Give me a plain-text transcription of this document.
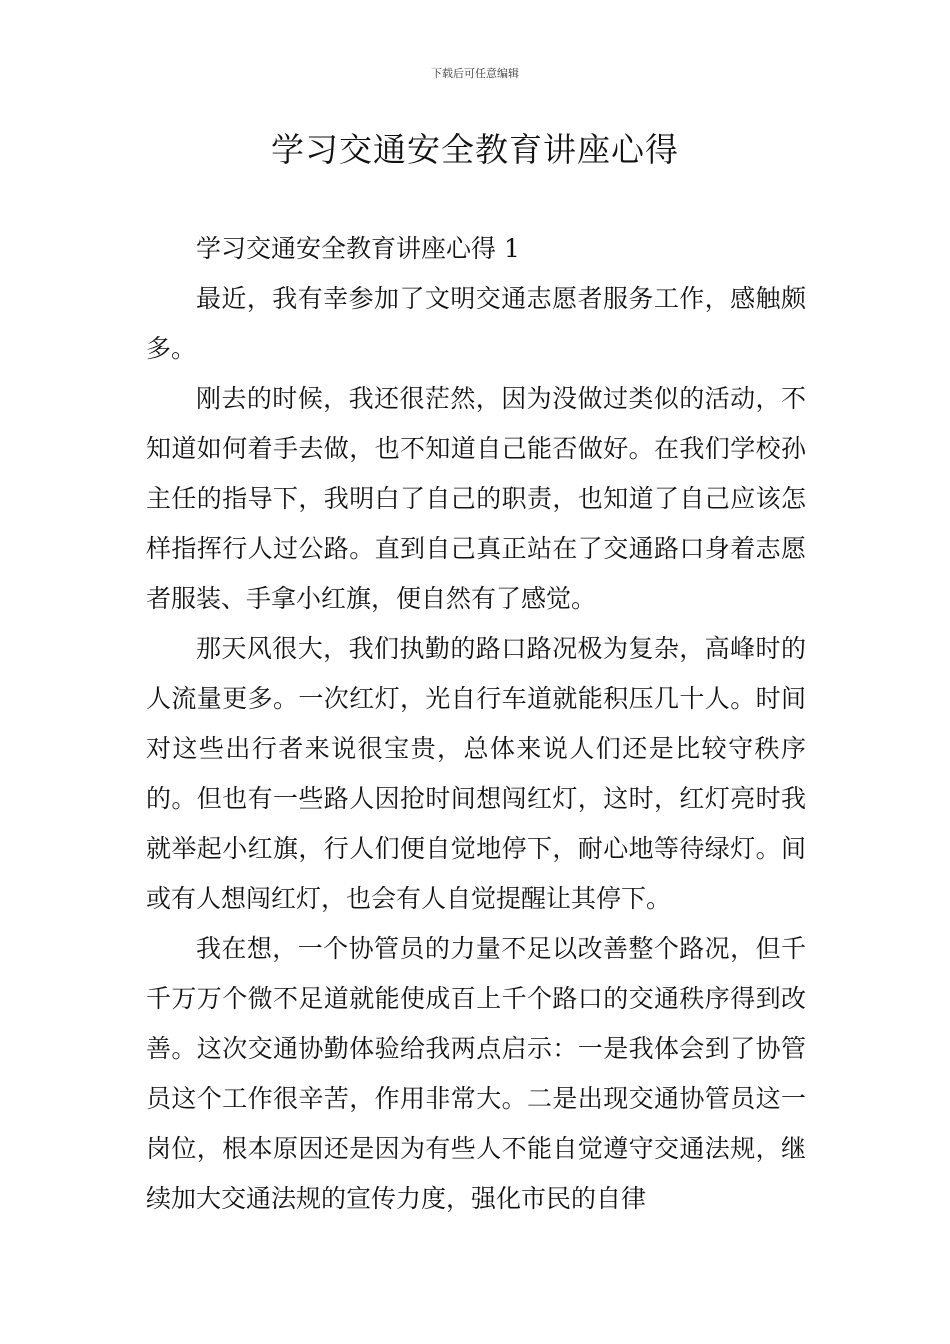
下载后可任意编辑
学习交通安全教育讲座心得

学习交通安全教育讲座心得 1

最近，我有幸参加了文明交通志愿者服务工作，感触颇多。

刚去的时候，我还很茫然，因为没做过类似的活动，不知道如何着手去做，也不知道自己能否做好。在我们学校孙主任的指导下，我明白了自己的职责，也知道了自己应该怎样指挥行人过公路。直到自己真正站在了交通路口身着志愿者服装、手拿小红旗，便自然有了感觉。

那天风很大，我们执勤的路口路况极为复杂，高峰时的人流量更多。一次红灯，光自行车道就能积压几十人。时间对这些出行者来说很宝贵，总体来说人们还是比较守秩序的。但也有一些路人因抢时间想闯红灯，这时，红灯亮时我就举起小红旗，行人们便自觉地停下，耐心地等待绿灯。间或有人想闯红灯，也会有人自觉提醒让其停下。

我在想，一个协管员的力量不足以改善整个路况，但千千万万个微不足道就能使成百上千个路口的交通秩序得到改善。这次交通协勤体验给我两点启示：一是我体会到了协管员这个工作很辛苦，作用非常大。二是出现交通协管员这一岗位，根本原因还是因为有些人不能自觉遵守交通法规，继续加大交通法规的宣传力度，强化市民的自律
